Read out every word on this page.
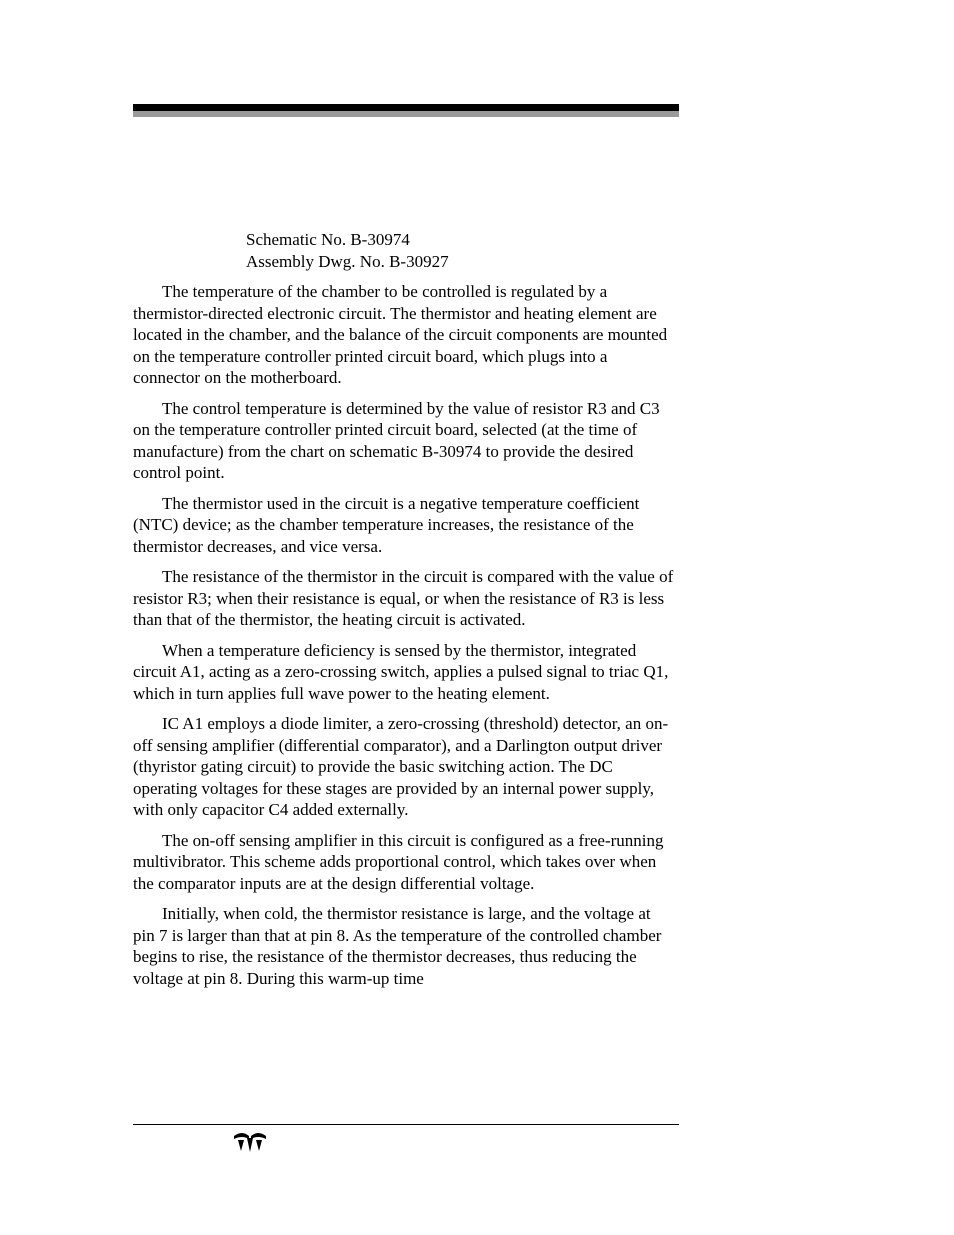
Schematic No. B-30974
Assembly Dwg. No. B-30927

The temperature of the chamber to be controlled is regulated by a thermistor-directed electronic circuit. The thermistor and heating element are located in the chamber, and the balance of the circuit components are mounted on the temperature controller printed circuit board, which plugs into a connector on the motherboard.

The control temperature is determined by the value of resistor R3 and C3 on the temperature controller printed circuit board, selected (at the time of manufacture) from the chart on schematic B-30974 to provide the desired control point.

The thermistor used in the circuit is a negative temperature coefficient (NTC) device; as the chamber temperature increases, the resistance of the thermistor decreases, and vice versa.

The resistance of the thermistor in the circuit is compared with the value of resistor R3; when their resistance is equal, or when the resistance of R3 is less than that of the thermistor, the heating circuit is activated.

When a temperature deficiency is sensed by the thermistor, integrated circuit A1, acting as a zero-crossing switch, applies a pulsed signal to triac Q1, which in turn applies full wave power to the heating element.

IC A1 employs a diode limiter, a zero-crossing (threshold) detector, an on-off sensing amplifier (differential comparator), and a Darlington output driver (thyristor gating circuit) to provide the basic switching action. The DC operating voltages for these stages are provided by an internal power supply, with only capacitor C4 added externally.

The on-off sensing amplifier in this circuit is configured as a free-running multivibrator. This scheme adds proportional control, which takes over when the comparator inputs are at the design differential voltage.

Initially, when cold, the thermistor resistance is large, and the voltage at pin 7 is larger than that at pin 8. As the temperature of the controlled chamber begins to rise, the resistance of the thermistor decreases, thus reducing the voltage at pin 8. During this warm-up time
